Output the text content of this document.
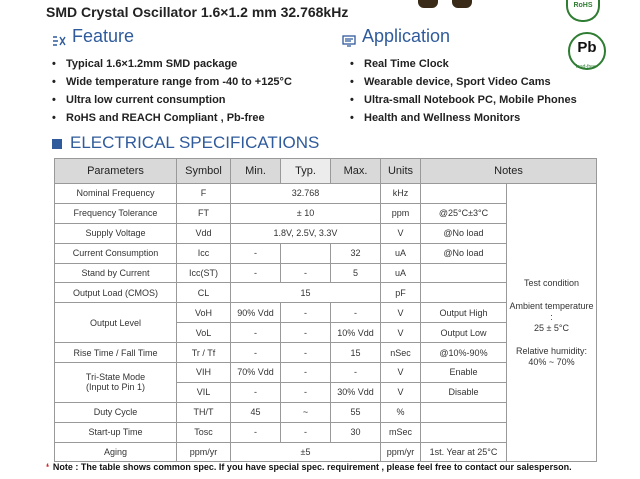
SMD Crystal Oscillator 1.6×1.2 mm 32.768kHz	RoHS
Pb
lead-free
Feature
• Typical 1.6×1.2mm SMD package
• Wide temperature range from -40 to +125°C
• Ultra low current consumption
• RoHS and REACH Compliant , Pb-free
Application
• Real Time Clock
• Wearable device, Sport Video Cams
• Ultra-small Notebook PC, Mobile Phones
• Health and Wellness Monitors
ELECTRICAL SPECIFICATIONS
Parameters	Symbol	Min.	Typ.	Max.	Units	Notes	
Nominal Frequency	F	32.768			kHz		Test condition
Ambient temperature :
25 ± 5°C
Relative humidity:
40% ~ 70%

Frequency Tolerance	FT	± 10			ppm	@25°C±3°C	
Supply Voltage	Vdd	1.8V, 2.5V, 3.3V			V	@No load	
Current Consumption	Icc	-		32	uA	@No load	
Stand by Current	Icc(ST)	-	-	5	uA		
Output Load (CMOS)	CL	15			pF		
Output Level	VoH	90% Vdd	-	-	V	Output High	
	VoL	-	-	10% Vdd	V	Output Low	
Rise Time / Fall Time	Tr / Tf	-	-	15	nSec	@10%-90%	

Tri-State Mode
(Input to Pin 1)	VIH	70% Vdd	-	-	V	Enable	
	VIL	-	-	30% Vdd	V	Disable	
Duty Cycle	TH/T	45	~	55	%		
Start-up Time	Tosc	-	-	30	mSec		
Aging	ppm/yr	±5			ppm/yr	1st. Year at 25°C	
❛ Note : The table shows common spec. If you have special spec. requirement , please feel free to contact our salesperson.
